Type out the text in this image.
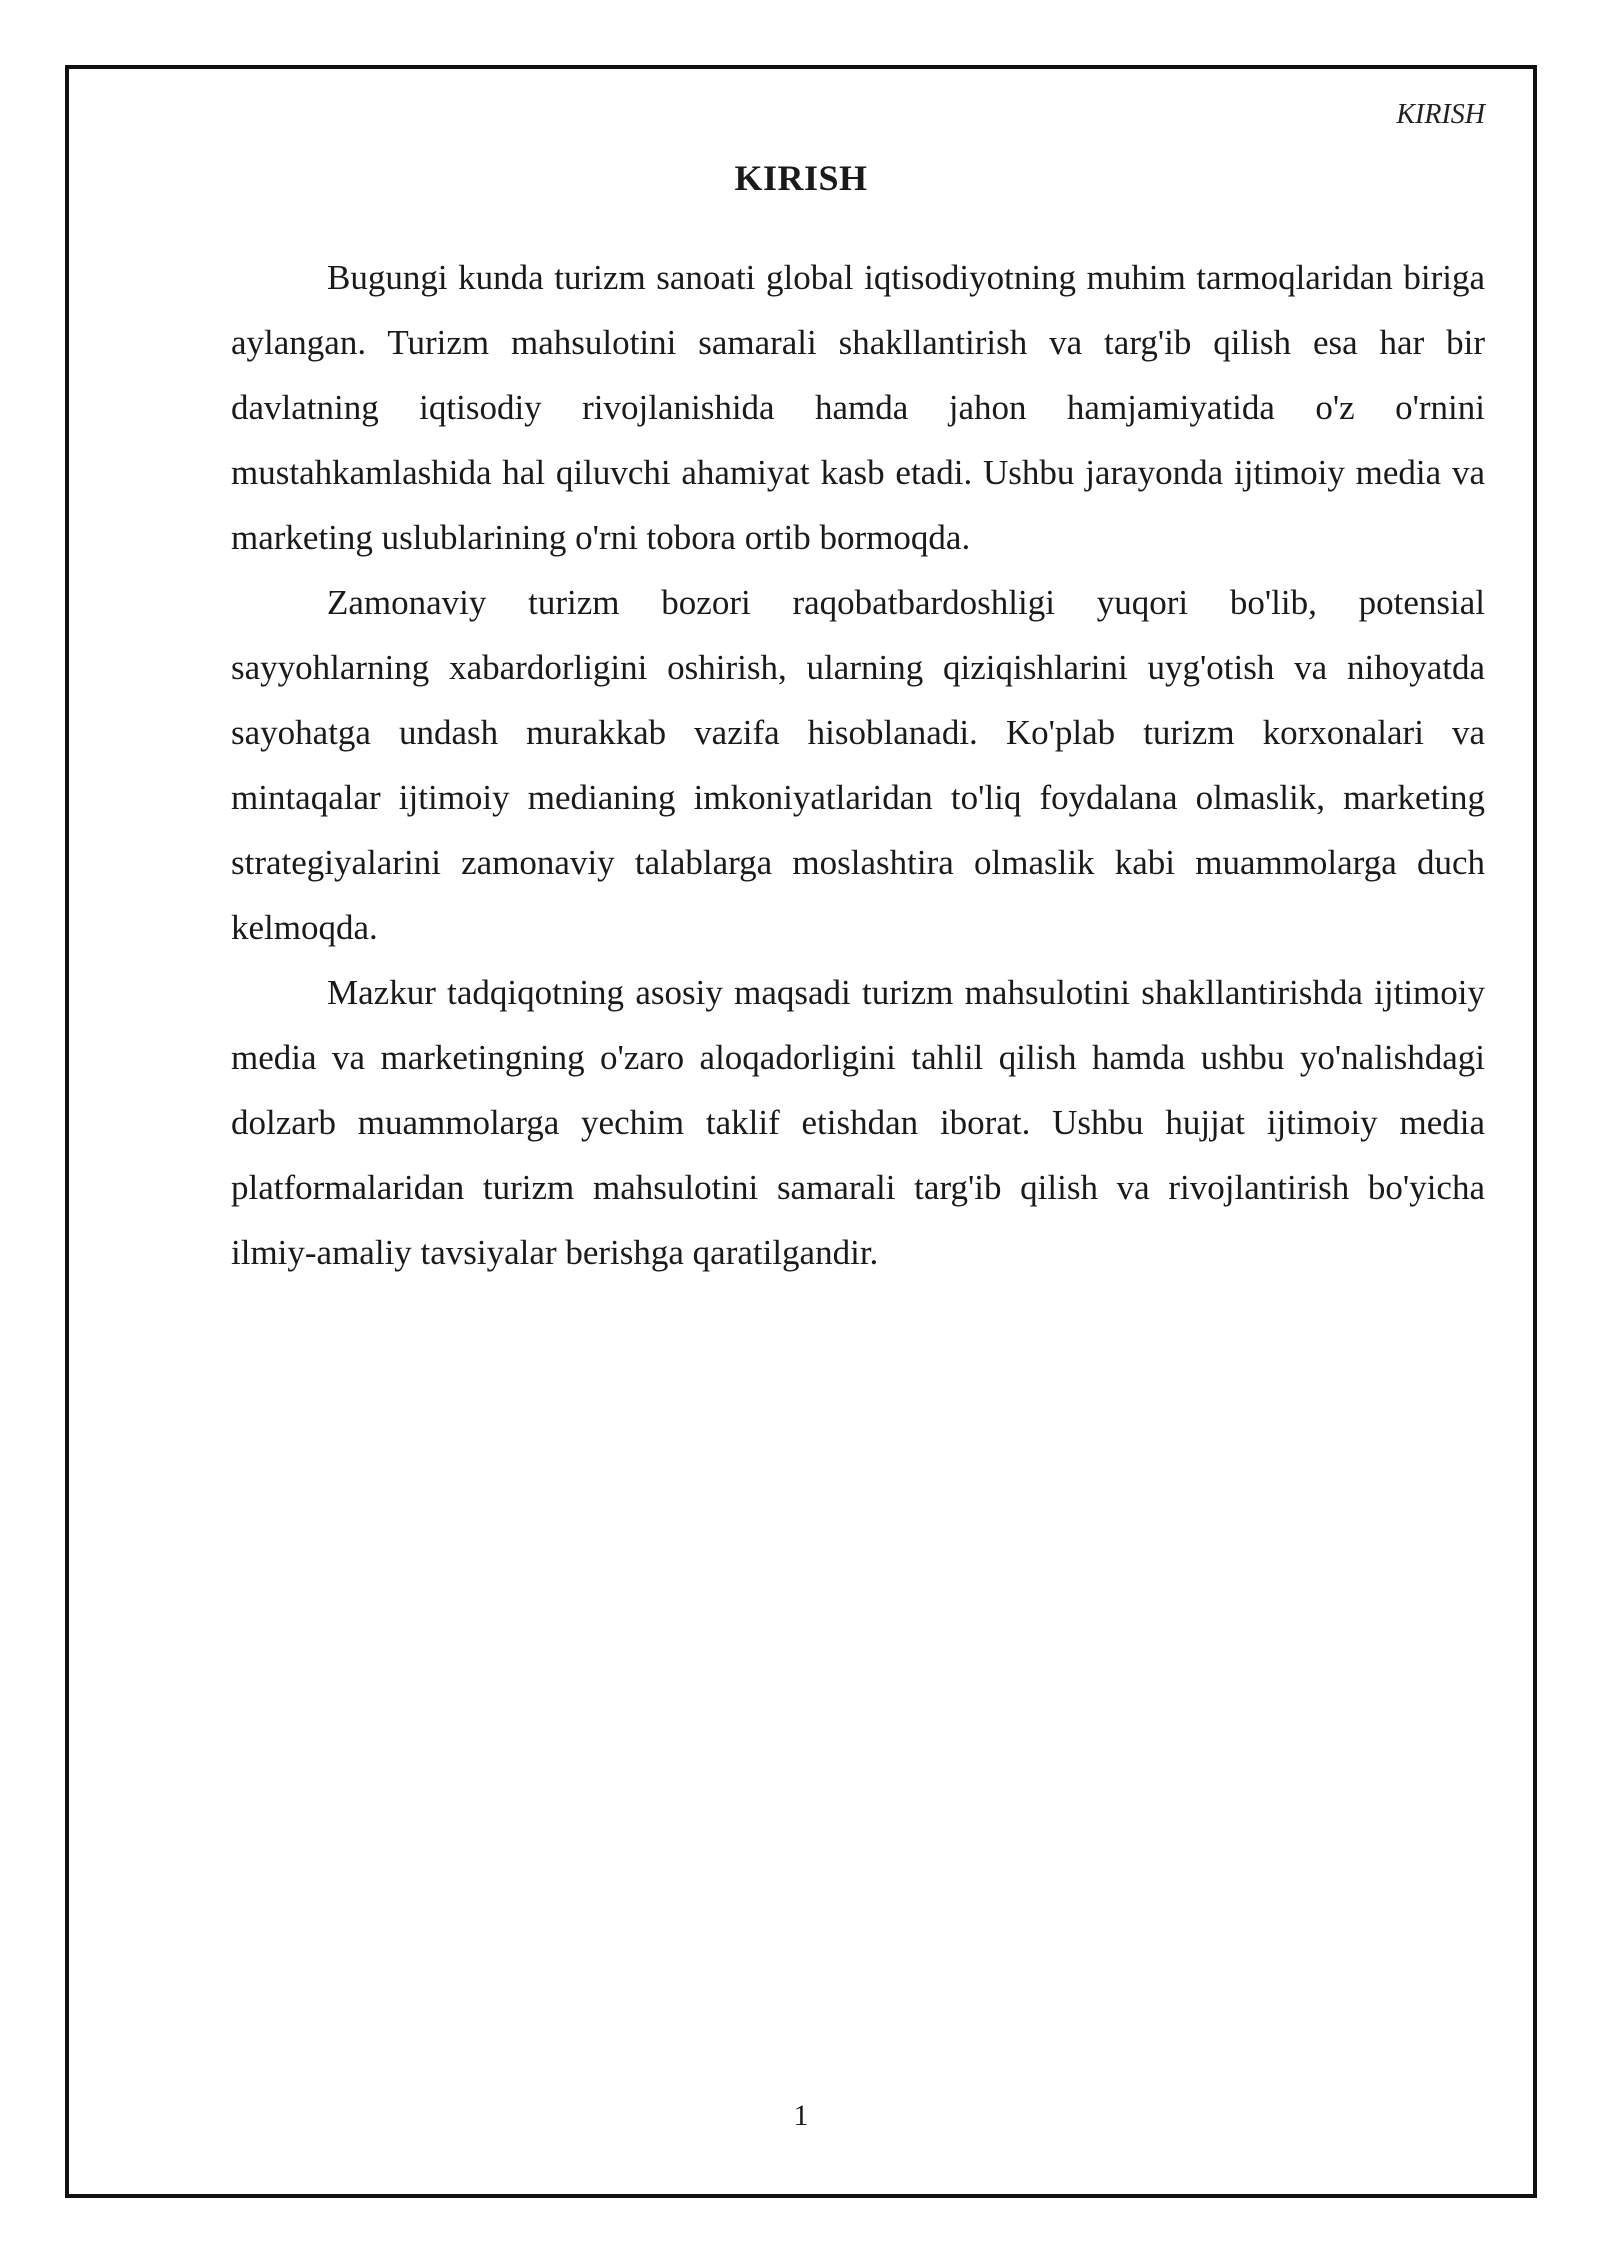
KIRISH
KIRISH

Bugungi kunda turizm sanoati global iqtisodiyotning muhim tarmoqlaridan biriga aylangan. Turizm mahsulotini samarali shakllantirish va targ'ib qilish esa har bir davlatning iqtisodiy rivojlanishida hamda jahon hamjamiyatida o'z o'rnini mustahkamlashida hal qiluvchi ahamiyat kasb etadi. Ushbu jarayonda ijtimoiy media va marketing uslublarining o'rni tobora ortib bormoqda.

Zamonaviy turizm bozori raqobatbardoshligi yuqori bo'lib, potensial sayyohlarning xabardorligini oshirish, ularning qiziqishlarini uyg'otish va nihoyatda sayohatga undash murakkab vazifa hisoblanadi. Ko'plab turizm korxonalari va mintaqalar ijtimoiy medianing imkoniyatlaridan to'liq foydalana olmaslik, marketing strategiyalarini zamonaviy talablarga moslashtira olmaslik kabi muammolarga duch kelmoqda.

Mazkur tadqiqotning asosiy maqsadi turizm mahsulotini shakllantirishda ijtimoiy media va marketingning o'zaro aloqadorligini tahlil qilish hamda ushbu yo'nalishdagi dolzarb muammolarga yechim taklif etishdan iborat. Ushbu hujjat ijtimoiy media platformalaridan turizm mahsulotini samarali targ'ib qilish va rivojlantirish bo'yicha ilmiy-amaliy tavsiyalar berishga qaratilgandir.

1
